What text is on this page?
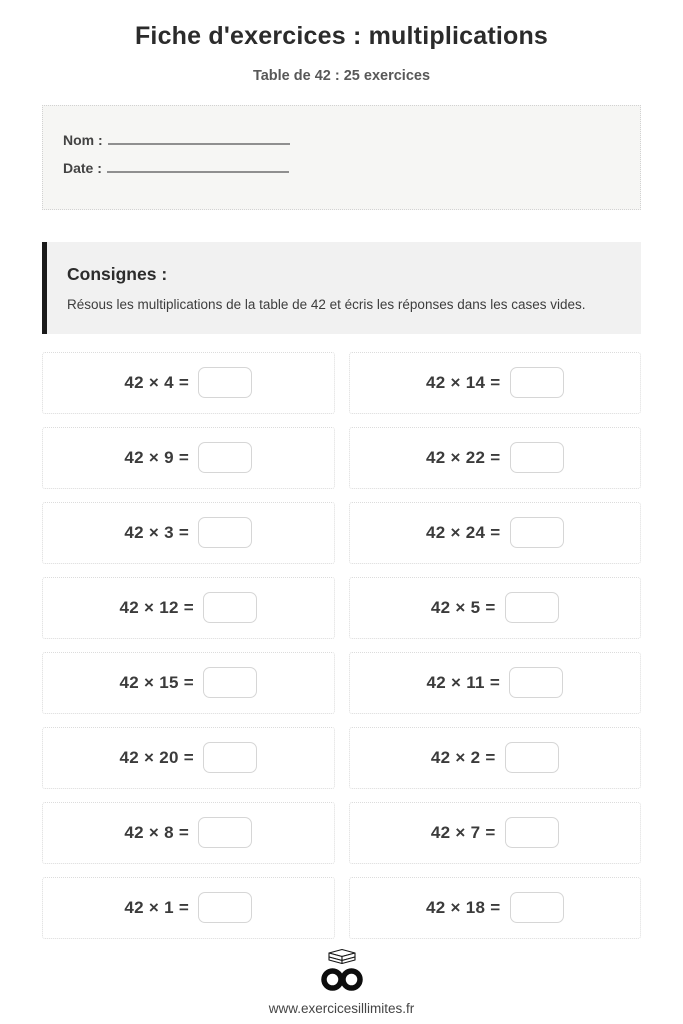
Fiche d'exercices : multiplications
Table de 42 : 25 exercices
Nom :
Date :
Consignes :

Résous les multiplications de la table de 42 et écris les réponses dans les cases vides.

42 × 4 =	42 × 14 =
42 × 9 =	42 × 22 =
42 × 3 =	42 × 24 =
42 × 12 =	42 × 5 =
42 × 15 =	42 × 11 =
42 × 20 =	42 × 2 =
42 × 8 =	42 × 7 =
42 × 1 =	42 × 18 =
www.exercicesillimites.fr
